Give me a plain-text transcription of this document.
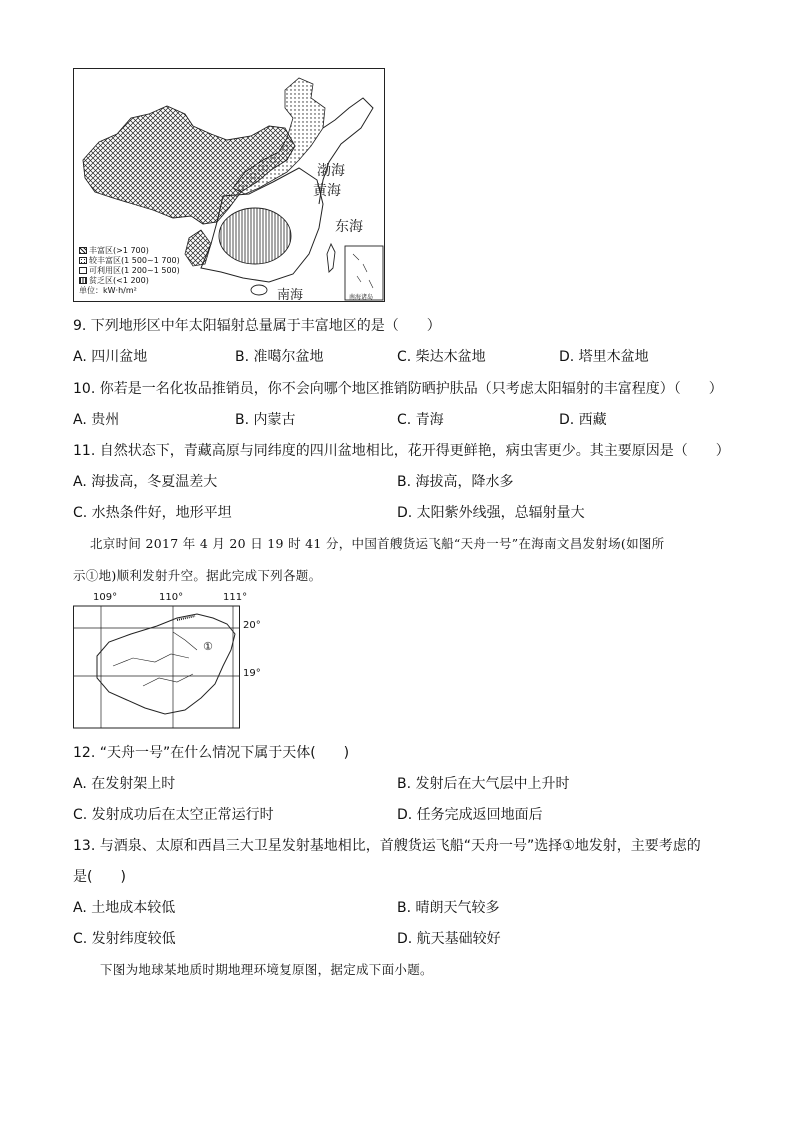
渤海
黄海
东海
南海	南海诸岛
丰富区 (>1 700)
较丰富区 (1 500~1 700)
可利用区 (1 200~1 500)
贫乏区 (<1 200)
单位：kW·h/m²
9. 下列地形区中年太阳辐射总量属于丰富地区的是（　　）
A. 四川盆地	B. 准噶尔盆地	C. 柴达木盆地	D. 塔里木盆地
10. 你若是一名化妆品推销员，你不会向哪个地区推销防晒护肤品（只考虑太阳辐射的丰富程度）（　　）
A. 贵州	B. 内蒙古	C. 青海	D. 西藏
11. 自然状态下，青藏高原与同纬度的四川盆地相比，花开得更鲜艳，病虫害更少。其主要原因是（　　）
A. 海拔高，冬夏温差大	B. 海拔高，降水多
C. 水热条件好，地形平坦	D. 太阳紫外线强，总辐射量大
北京时间 2017 年 4 月 20 日 19 时 41 分，中国首艘货运飞船“天舟一号”在海南文昌发射场(如图所
示①地)顺利发射升空。据此完成下列各题。
109°	110°	111°
20°
19°
①
12. “天舟一号”在什么情况下属于天体(　　)
A. 在发射架上时	B. 发射后在大气层中上升时
C. 发射成功后在太空正常运行时	D. 任务完成返回地面后
13. 与酒泉、太原和西昌三大卫星发射基地相比，首艘货运飞船“天舟一号”选择①地发射，主要考虑的
是(　　)
A. 土地成本较低	B. 晴朗天气较多
C. 发射纬度较低	D. 航天基础较好
下图为地球某地质时期地理环境复原图，据定成下面小题。
